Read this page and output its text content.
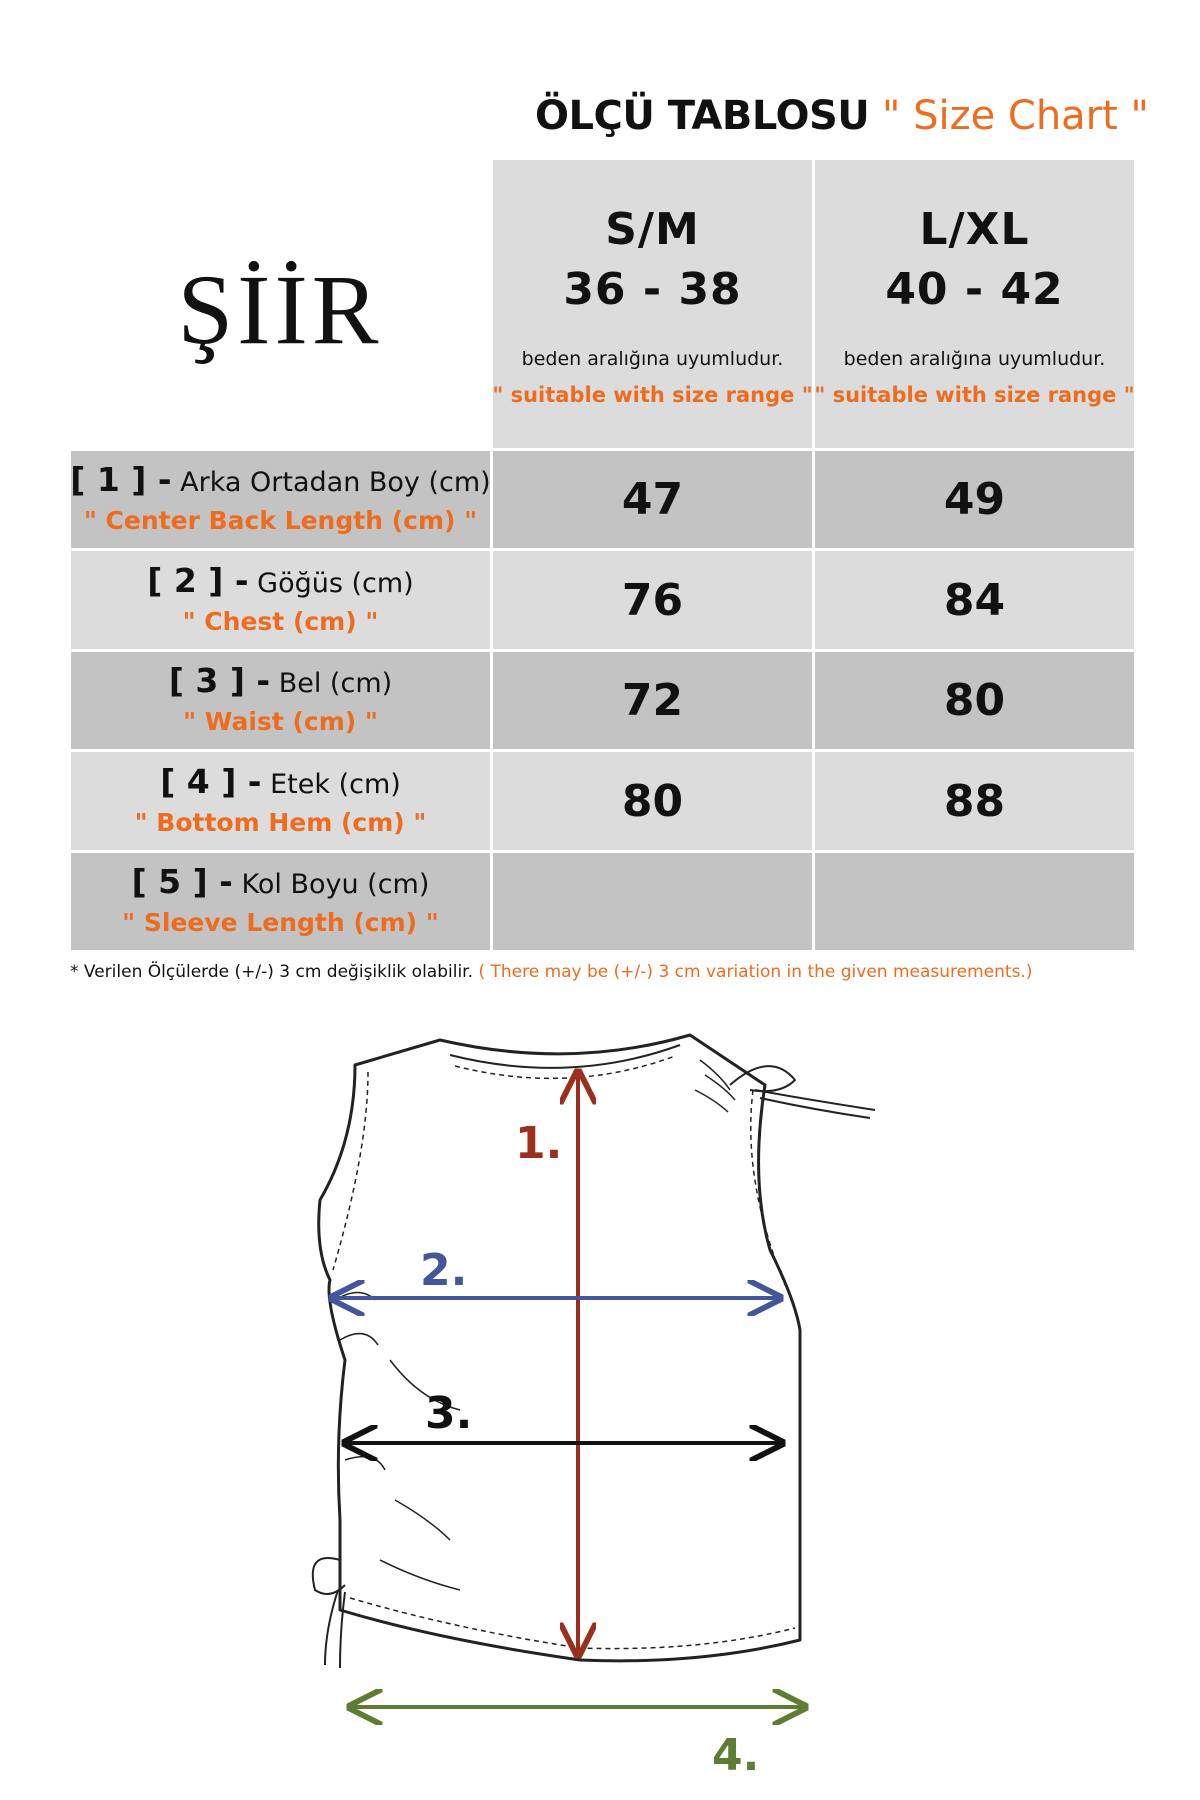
ÖLÇÜ TABLOSU " Size Chart "
ŞİİR
S/M
36 - 38
beden aralığına uyumludur.
" suitable with size range "
L/XL
40 - 42
beden aralığına uyumludur.
" suitable with size range "
[ 1 ] - Arka Ortadan Boy (cm)
" Center Back Length (cm) "	47	49
[ 2 ] - Göğüs (cm)
" Chest (cm) "	76	84
[ 3 ] - Bel (cm)
" Waist (cm) "	72	80
[ 4 ] - Etek (cm)
" Bottom Hem (cm) "	80	88
[ 5 ] - Kol Boyu (cm)
" Sleeve Length (cm) "
* Verilen Ölçülerde (+/-) 3 cm değişiklik olabilir. ( There may be (+/-) 3 cm variation in the given measurements.)
1.
2.
3.
4.
